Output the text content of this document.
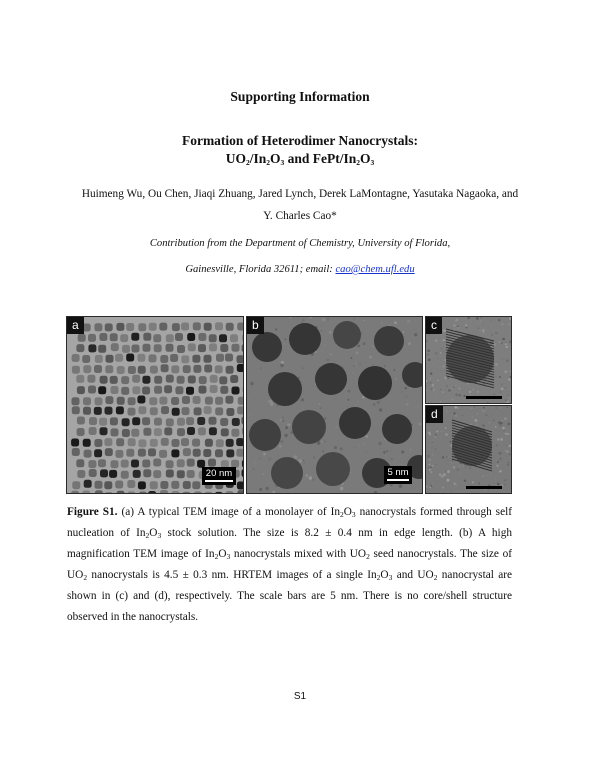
Supporting Information
Formation of Heterodimer Nanocrystals:
$UO_2/In_2O_3$ and FePt/$In_2O_3$
Huimeng Wu, Ou Chen, Jiaqi Zhuang, Jared Lynch, Derek LaMontagne, Yasutaka Nagaoka, and
Y. Charles Cao*
Contribution from the Department of Chemistry, University of Florida,
Gainesville, Florida 32611; email: cao@chem.ufl.edu
a
20 nm
b
5 nm
c
d
Figure S1. (a) A typical TEM image of a monolayer of $In_2O_3$ nanocrystals formed through self nucleation of $In_2O_3$ stock solution. The size is 8.2 ± 0.4 nm in edge length. (b) A high magnification TEM image of $In_2O_3$ nanocrystals mixed with $UO_2$ seed nanocrystals. The size of $UO_2$ nanocrystals is 4.5 ± 0.3 nm. HRTEM images of a single $In_2O_3$ and $UO_2$ nanocrystal are shown in (c) and (d), respectively. The scale bars are 5 nm. There is no core/shell structure observed in the nanocrystals.
S1
